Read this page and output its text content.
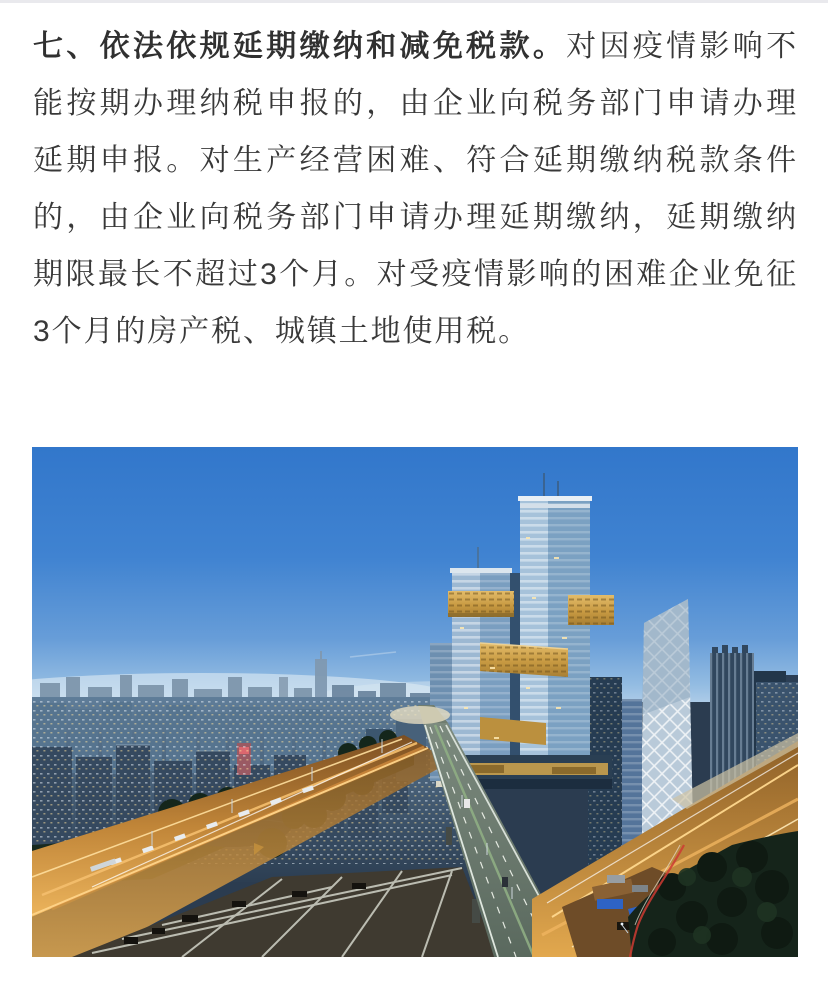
七、依法依规延期缴纳和减免税款。对因疫情影响不能按期办理纳税申报的，由企业向税务部门申请办理延期申报。对生产经营困难、符合延期缴纳税款条件的，由企业向税务部门申请办理延期缴纳，延期缴纳期限最长不超过3个月。对受疫情影响的困难企业免征3个月的房产税、城镇土地使用税。
